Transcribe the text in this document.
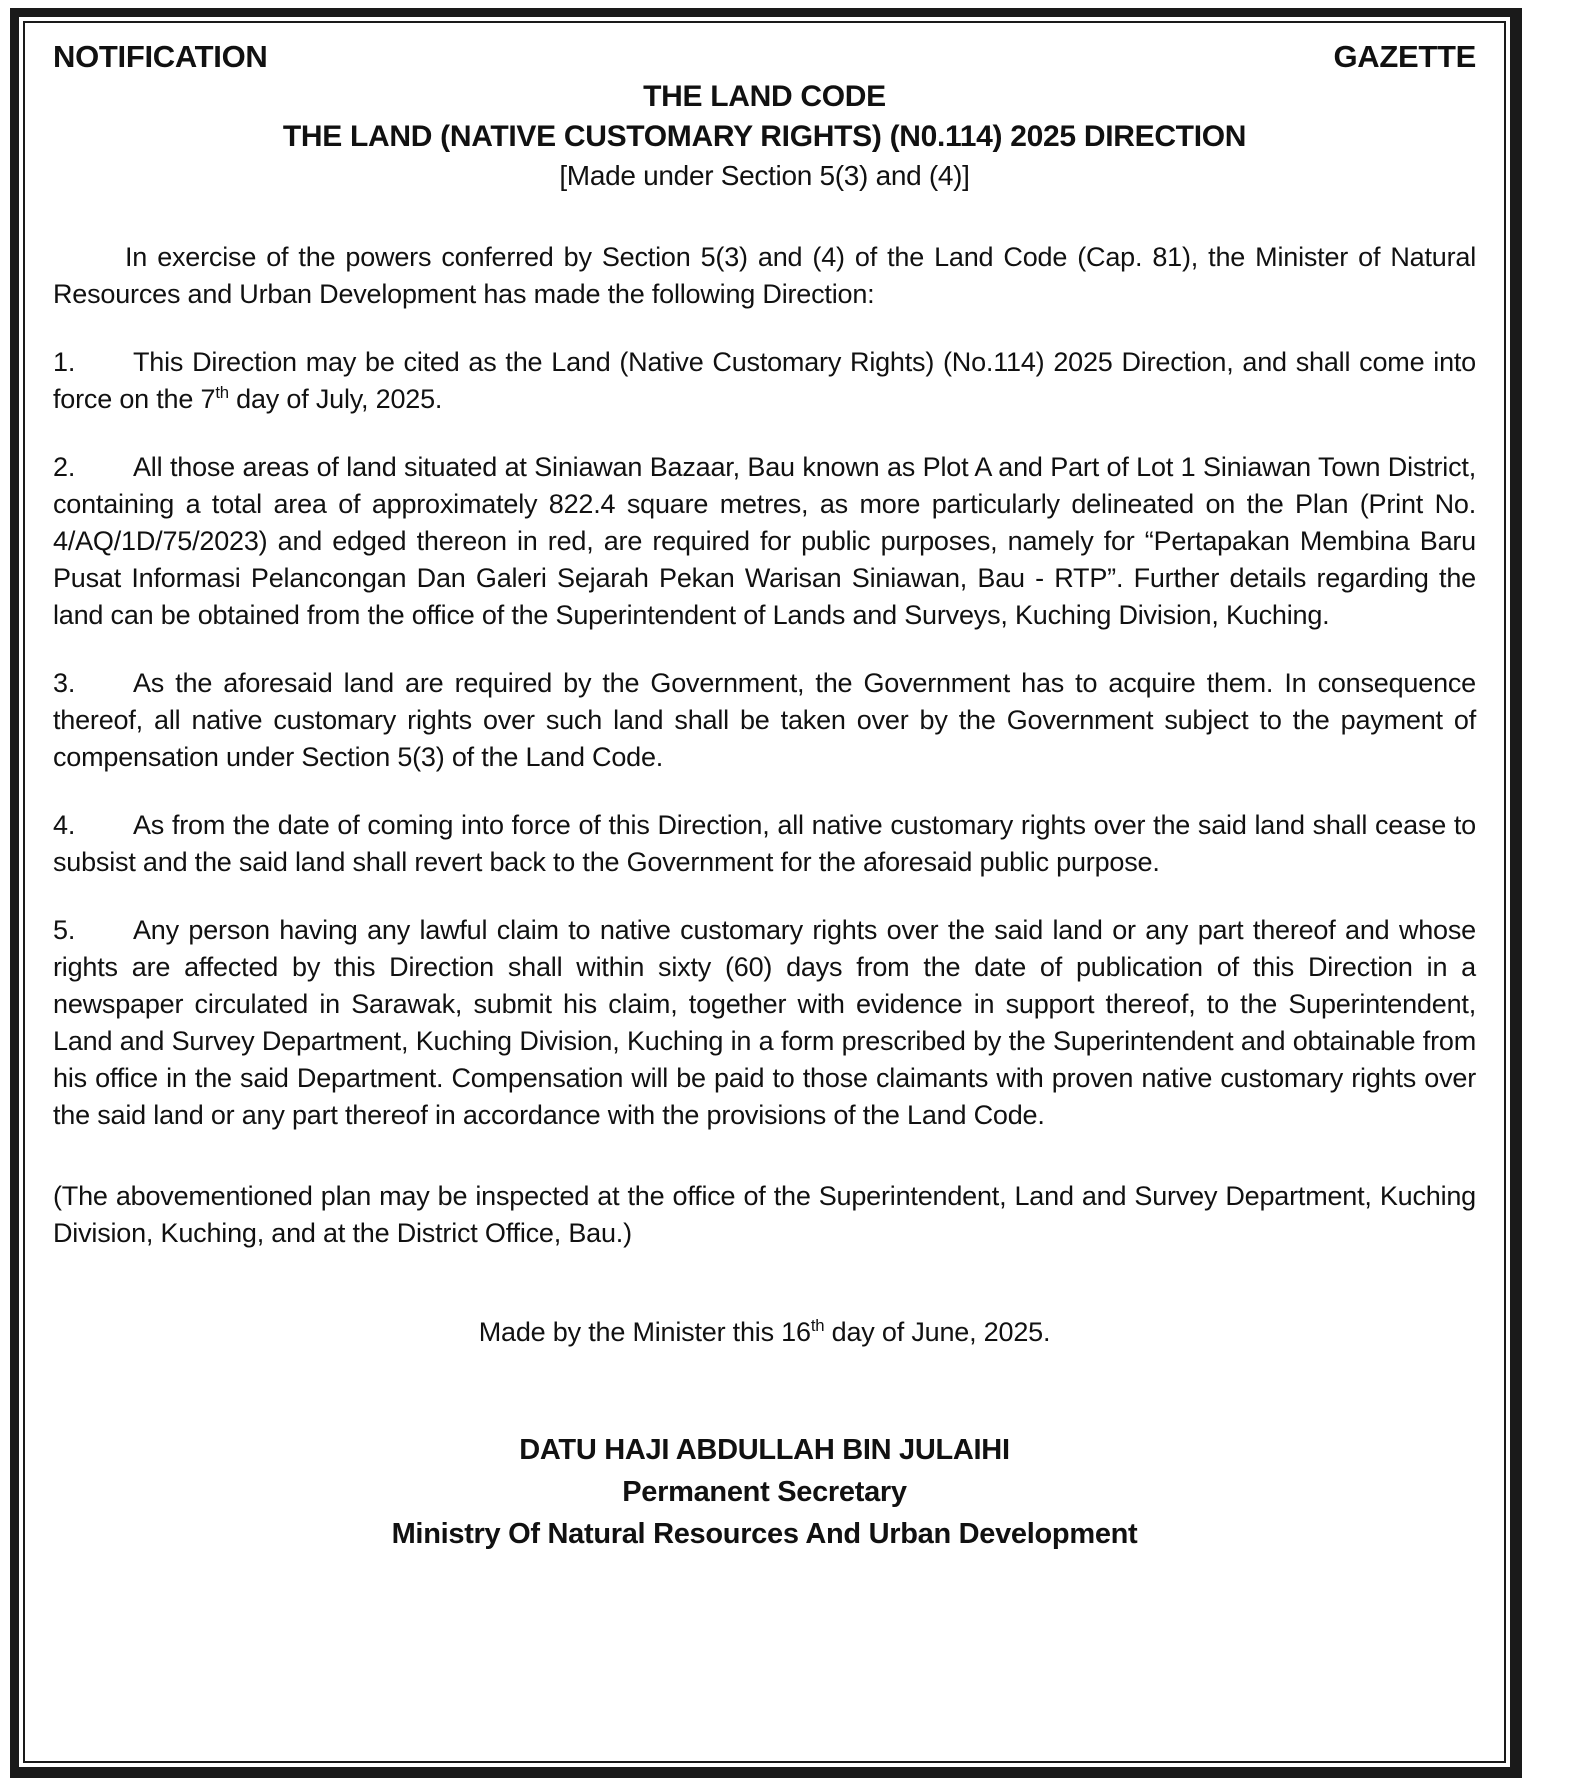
NOTIFICATION	GAZETTE
THE LAND CODE
THE LAND (NATIVE CUSTOMARY RIGHTS) (N0.114) 2025 DIRECTION
[Made under Section 5(3) and (4)]

In exercise of the powers conferred by Section 5(3) and (4) of the Land Code (Cap. 81), the Minister of Natural Resources and Urban Development has made the following Direction:

1. This Direction may be cited as the Land (Native Customary Rights) (No.114) 2025 Direction, and shall come into force on the 7th day of July, 2025.

2. All those areas of land situated at Siniawan Bazaar, Bau known as Plot A and Part of Lot 1 Siniawan Town District, containing a total area of approximately 822.4 square metres, as more particularly delineated on the Plan (Print No. 4/AQ/1D/75/2023) and edged thereon in red, are required for public purposes, namely for “Pertapakan Membina Baru Pusat Informasi Pelancongan Dan Galeri Sejarah Pekan Warisan Siniawan, Bau - RTP”. Further details regarding the land can be obtained from the office of the Superintendent of Lands and Surveys, Kuching Division, Kuching.

3. As the aforesaid land are required by the Government, the Government has to acquire them. In consequence thereof, all native customary rights over such land shall be taken over by the Government subject to the payment of compensation under Section 5(3) of the Land Code.

4. As from the date of coming into force of this Direction, all native customary rights over the said land shall cease to subsist and the said land shall revert back to the Government for the aforesaid public purpose.

5. Any person having any lawful claim to native customary rights over the said land or any part thereof and whose rights are affected by this Direction shall within sixty (60) days from the date of publication of this Direction in a newspaper circulated in Sarawak, submit his claim, together with evidence in support thereof, to the Superintendent, Land and Survey Department, Kuching Division, Kuching in a form prescribed by the Superintendent and obtainable from his office in the said Department. Compensation will be paid to those claimants with proven native customary rights over the said land or any part thereof in accordance with the provisions of the Land Code.

(The abovementioned plan may be inspected at the office of the Superintendent, Land and Survey Department, Kuching Division, Kuching, and at the District Office, Bau.)

Made by the Minister this 16th day of June, 2025.

DATU HAJI ABDULLAH BIN JULAIHI
Permanent Secretary
Ministry Of Natural Resources And Urban Development
